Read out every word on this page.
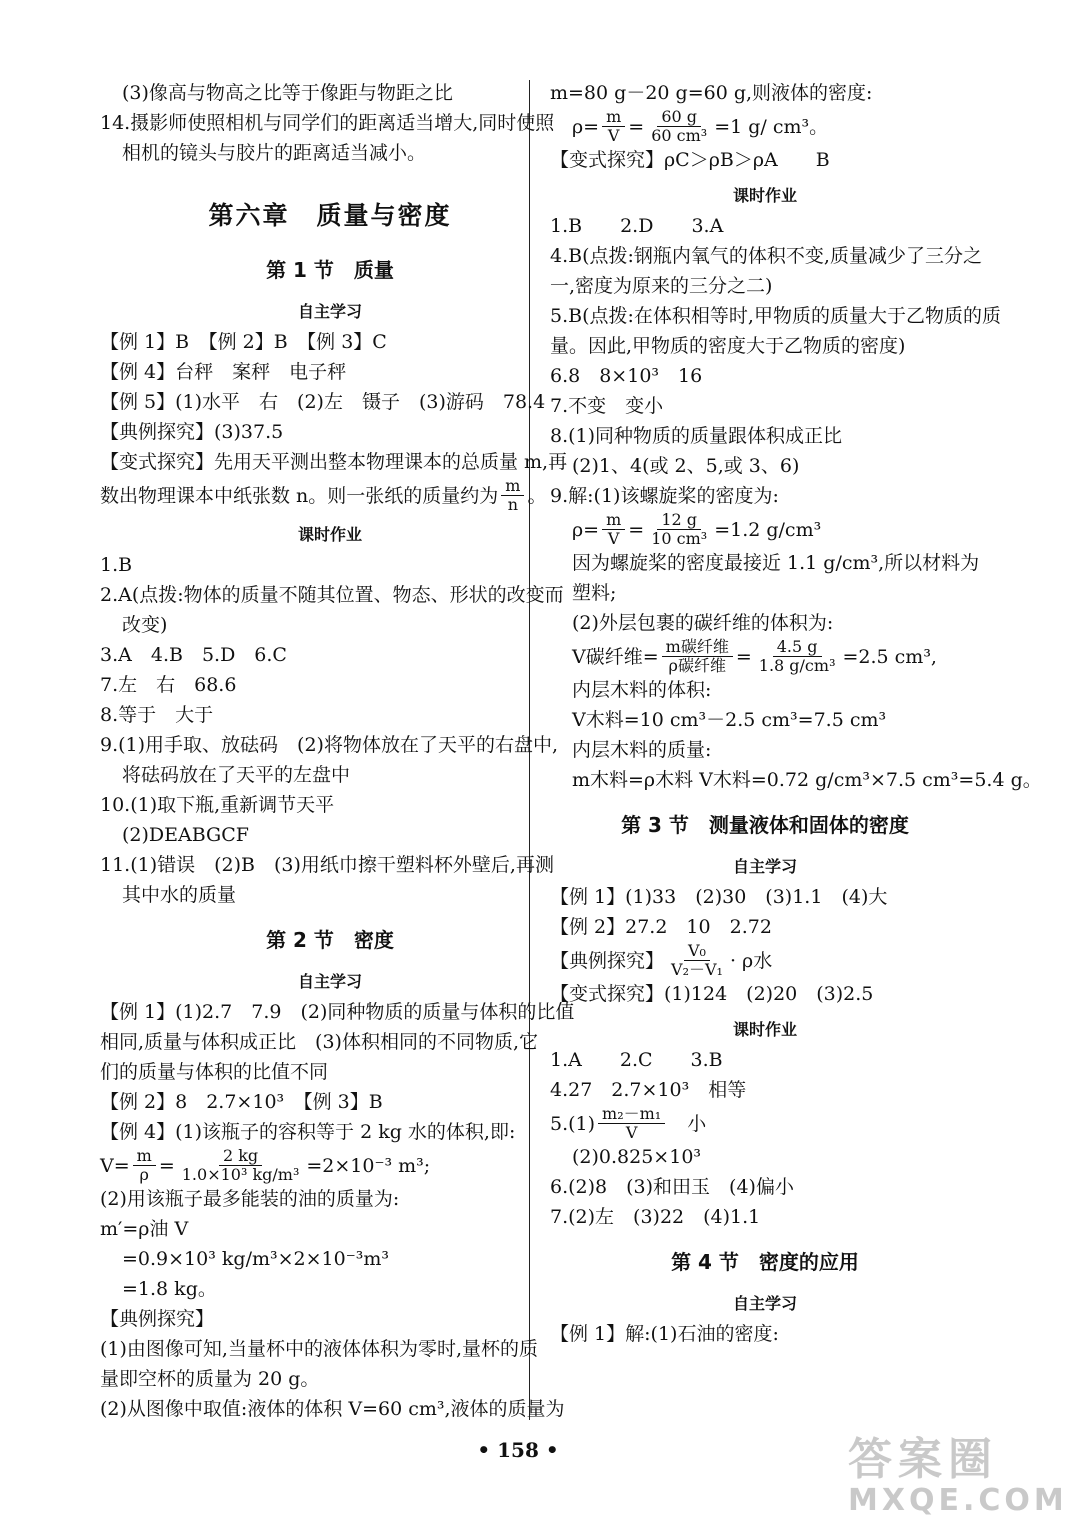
(3)像高与物高之比等于像距与物距之比
14.摄影师使照相机与同学们的距离适当增大,同时使照
相机的镜头与胶片的距离适当减小。
第六章　质量与密度
第 1 节　质量
自主学习
【例 1】B　【例 2】B　【例 3】C
【例 4】台秤　案秤　电子秤
【例 5】(1)水平　右　(2)左　镊子　(3)游码　78.4
【典例探究】(3)37.5
【变式探究】先用天平测出整本物理课本的总质量 m,再
数出物理课本中纸张数 n。则一张纸的质量约为 $\frac{m}{n}$ 。
课时作业
1.B
2.A(点拨:物体的质量不随其位置、物态、形状的改变而
改变)
3.A　4.B　5.D　6.C
7.左　右　68.6
8.等于　大于
9.(1)用手取、放砝码　(2)将物体放在了天平的右盘中,
将砝码放在了天平的左盘中
10.(1)取下瓶,重新调节天平
(2)DEABGCF
11.(1)错误　(2)B　(3)用纸巾擦干塑料杯外壁后,再测
其中水的质量
第 2 节　密度
自主学习
【例 1】(1)2.7　7.9　(2)同种物质的质量与体积的比值
相同,质量与体积成正比　(3)体积相同的不同物质,它
们的质量与体积的比值不同
【例 2】8　2.7×10³　【例 3】B
【例 4】(1)该瓶子的容积等于 2 kg 水的体积,即:
$V= \frac{m}{\rho} = \frac{2 kg}{\text{1.0×10³ kg/m³}} =2\times 10^{-3}$ m³;
(2)用该瓶子最多能装的油的质量为:
m′=ρ油 V
=0.9×10³ kg/m³×2×10⁻³m³
=1.8 kg。
【典例探究】
(1)由图像可知,当量杯中的液体体积为零时,量杯的质
量即空杯的质量为 20 g。
(2)从图像中取值:液体的体积 V=60 cm³,液体的质量为
m=80 g－20 g=60 g,则液体的密度:
$\rho= \frac{m}{V} = \frac{60 g}{\text{60 cm³}} =1$ g/ cm³。
【变式探究】ρC＞ρB＞ρA　　B
课时作业
1.B　　2.D　　3.A
4.B(点拨:钢瓶内氧气的体积不变,质量减少了三分之
一,密度为原来的三分之二)
5.B(点拨:在体积相等时,甲物质的质量大于乙物质的质
量。因此,甲物质的密度大于乙物质的密度)
6.8　8×10³　16
7.不变　变小
8.(1)同种物质的质量跟体积成正比
(2)1、4(或 2、5,或 3、6)
9.解:(1)该螺旋桨的密度为:
$\rho= \frac{m}{V} = \frac{12 g}{\text{10 cm³}} =1.2$ g/cm³
因为螺旋桨的密度最接近 1.1 g/cm³,所以材料为
塑料;
(2)外层包裹的碳纤维的体积为:
V碳纤维= $\frac{\text{m碳纤维}}{\text{ρ碳纤维}} = \frac{4.5 g}{\text{1.8 g/cm³}} =2.5$ cm³,
内层木料的体积:
V木料=10 cm³－2.5 cm³=7.5 cm³
内层木料的质量:
m木料=ρ木料 V木料=0.72 g/cm³×7.5 cm³=5.4 g。
第 3 节　测量液体和固体的密度
自主学习
【例 1】(1)33　(2)30　(3)1.1　(4)大
【例 2】27.2　10　2.72
【典例探究】 $\frac{\text{V₀}}{\text{V₂－V₁}} \cdot \rho$水
【变式探究】(1)124　(2)20　(3)2.5
课时作业
1.A　　2.C　　3.B
4.27　2.7×10³　相等
$5.(1) \frac{\text{m₂－m₁}}{V}$ 　小
(2)0.825×10³
6.(2)8　(3)和田玉　(4)偏小
7.(2)左　(3)22　(4)1.1
第 4 节　密度的应用
自主学习
【例 1】解:(1)石油的密度:
• 158 •	答案圈
MXQE.COM
